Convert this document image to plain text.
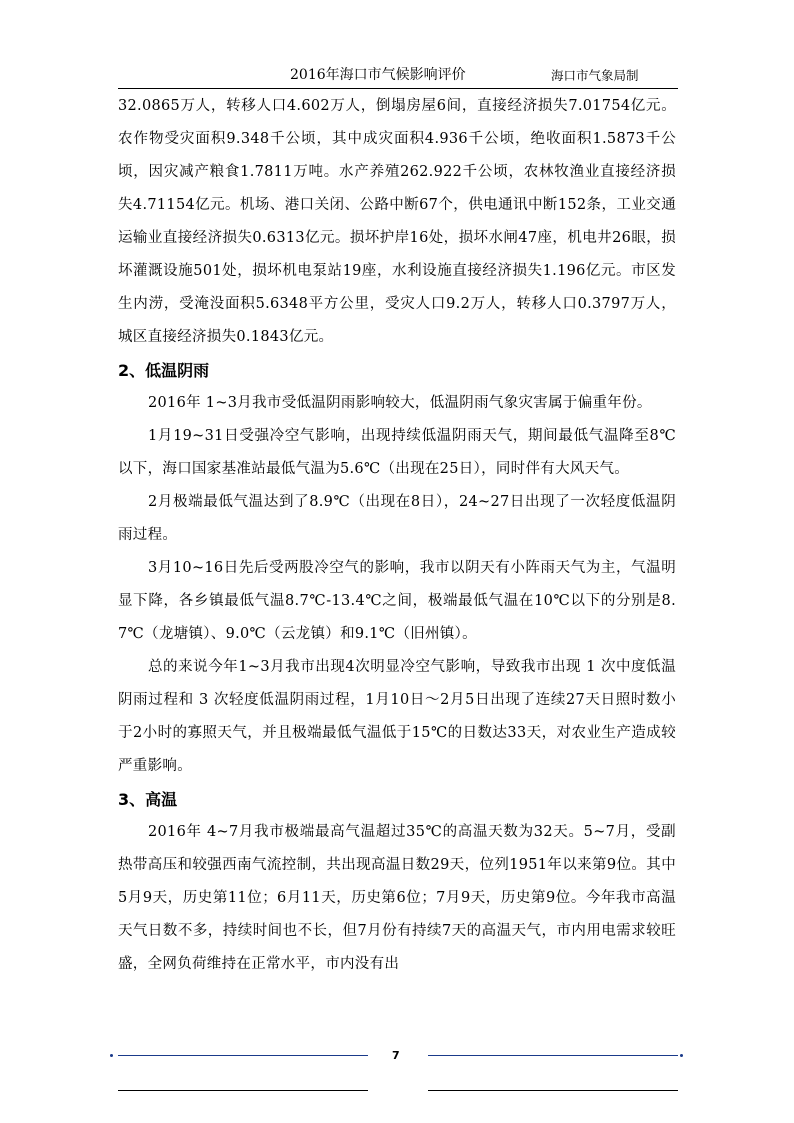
2016年海口市气候影响评价	海口市气象局制

32.0865万人，转移人口4.602万人，倒塌房屋6间，直接经济损失7.01754亿元。农作物受灾面积9.348千公顷，其中成灾面积4.936千公顷，绝收面积1.5873千公顷，因灾减产粮食1.7811万吨。水产养殖262.922千公顷，农林牧渔业直接经济损失4.71154亿元。机场、港口关闭、公路中断67个，供电通讯中断152条，工业交通运输业直接经济损失0.6313亿元。损坏护岸16处，损坏水闸47座，机电井26眼，损坏灌溉设施501处，损坏机电泵站19座，水利设施直接经济损失1.196亿元。市区发生内涝，受淹没面积5.6348平方公里，受灾人口9.2万人，转移人口0.3797万人，城区直接经济损失0.1843亿元。

2、低温阴雨

2016年 1~3月我市受低温阴雨影响较大，低温阴雨气象灾害属于偏重年份。

1月19~31日受强冷空气影响，出现持续低温阴雨天气，期间最低气温降至8℃以下，海口国家基准站最低气温为5.6℃（出现在25日），同时伴有大风天气。

2月极端最低气温达到了8.9℃（出现在8日），24~27日出现了一次轻度低温阴雨过程。

3月10~16日先后受两股冷空气的影响，我市以阴天有小阵雨天气为主，气温明显下降，各乡镇最低气温8.7℃-13.4℃之间，极端最低气温在10℃以下的分别是8.7℃（龙塘镇）、9.0℃（云龙镇）和9.1℃（旧州镇）。

总的来说今年1~3月我市出现4次明显冷空气影响，导致我市出现 1 次中度低温阴雨过程和 3 次轻度低温阴雨过程，1月10日～2月5日出现了连续27天日照时数小于2小时的寡照天气，并且极端最低气温低于15℃的日数达33天，对农业生产造成较严重影响。

3、高温

2016年 4~7月我市极端最高气温超过35℃的高温天数为32天。5~7月，受副热带高压和较强西南气流控制，共出现高温日数29天，位列1951年以来第9位。其中5月9天，历史第11位；6月11天，历史第6位；7月9天，历史第9位。今年我市高温天气日数不多，持续时间也不长，但7月份有持续7天的高温天气，市内用电需求较旺盛，全网负荷维持在正常水平，市内没有出

7
